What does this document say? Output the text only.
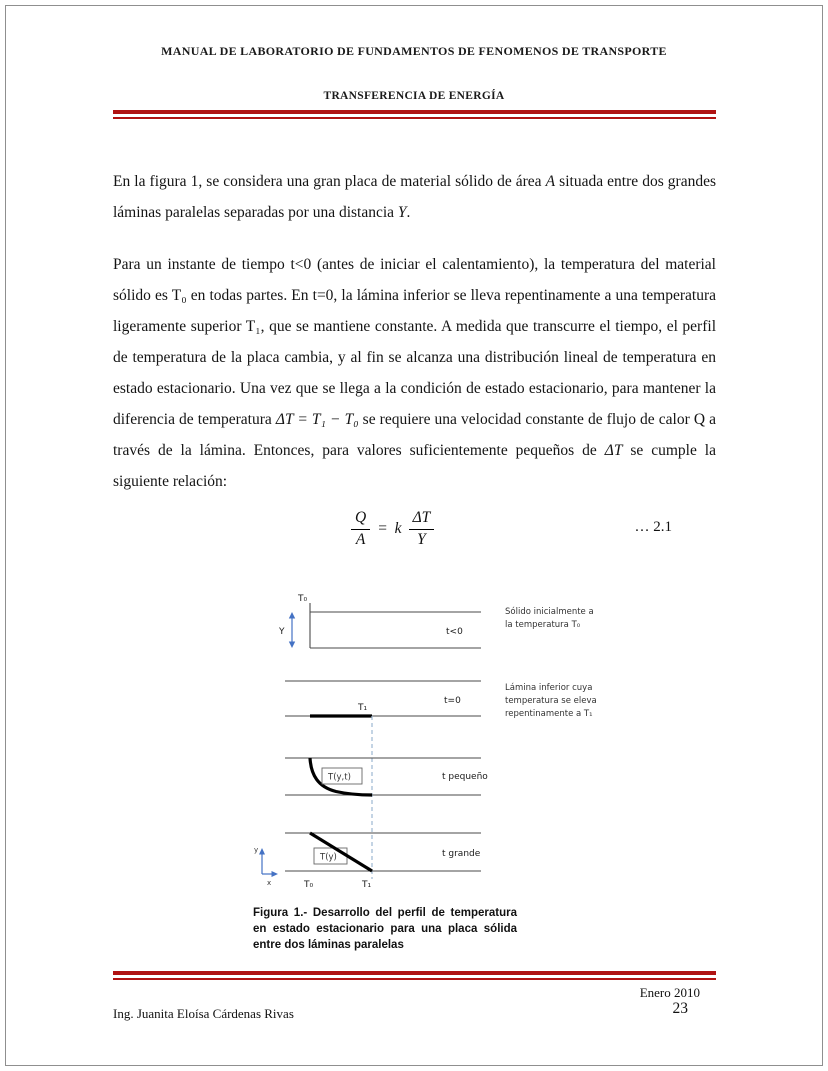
MANUAL DE LABORATORIO DE FUNDAMENTOS DE FENOMENOS DE TRANSPORTE
TRANSFERENCIA DE ENERGÍA

En la figura 1, se considera una gran placa de material sólido de área A situada entre dos grandes láminas paralelas separadas por una distancia Y.

Para un instante de tiempo t<0 (antes de iniciar el calentamiento), la temperatura del material sólido es T₀ en todas partes. En t=0, la lámina inferior se lleva repentinamente a una temperatura ligeramente superior T₁, que se mantiene constante. A medida que transcurre el tiempo, el perfil de temperatura de la placa cambia, y al fin se alcanza una distribución lineal de temperatura en estado estacionario. Una vez que se llega a la condición de estado estacionario, para mantener la diferencia de temperatura ΔT = T₁ − T₀ se requiere una velocidad constante de flujo de calor Q a través de la lámina. Entonces, para valores suficientemente pequeños de ΔT se cumple la siguiente relación:

$\frac{Q}{A} = k \frac{\Delta T}{Y}$	… 2.1
T₀
Y	t<0
Sólido inicialmente a
la temperatura T₀
T₁
t=0
Lámina inferior cuya
temperatura se eleva
repentinamente a T₁
T(y,t)	t pequeño
T(y)	t grande
T₀	T₁
y
x
Figura 1.- Desarrollo del perfil de temperatura en estado estacionario para una placa sólida entre dos láminas paralelas
Enero 2010
23
Ing. Juanita Eloísa Cárdenas Rivas
